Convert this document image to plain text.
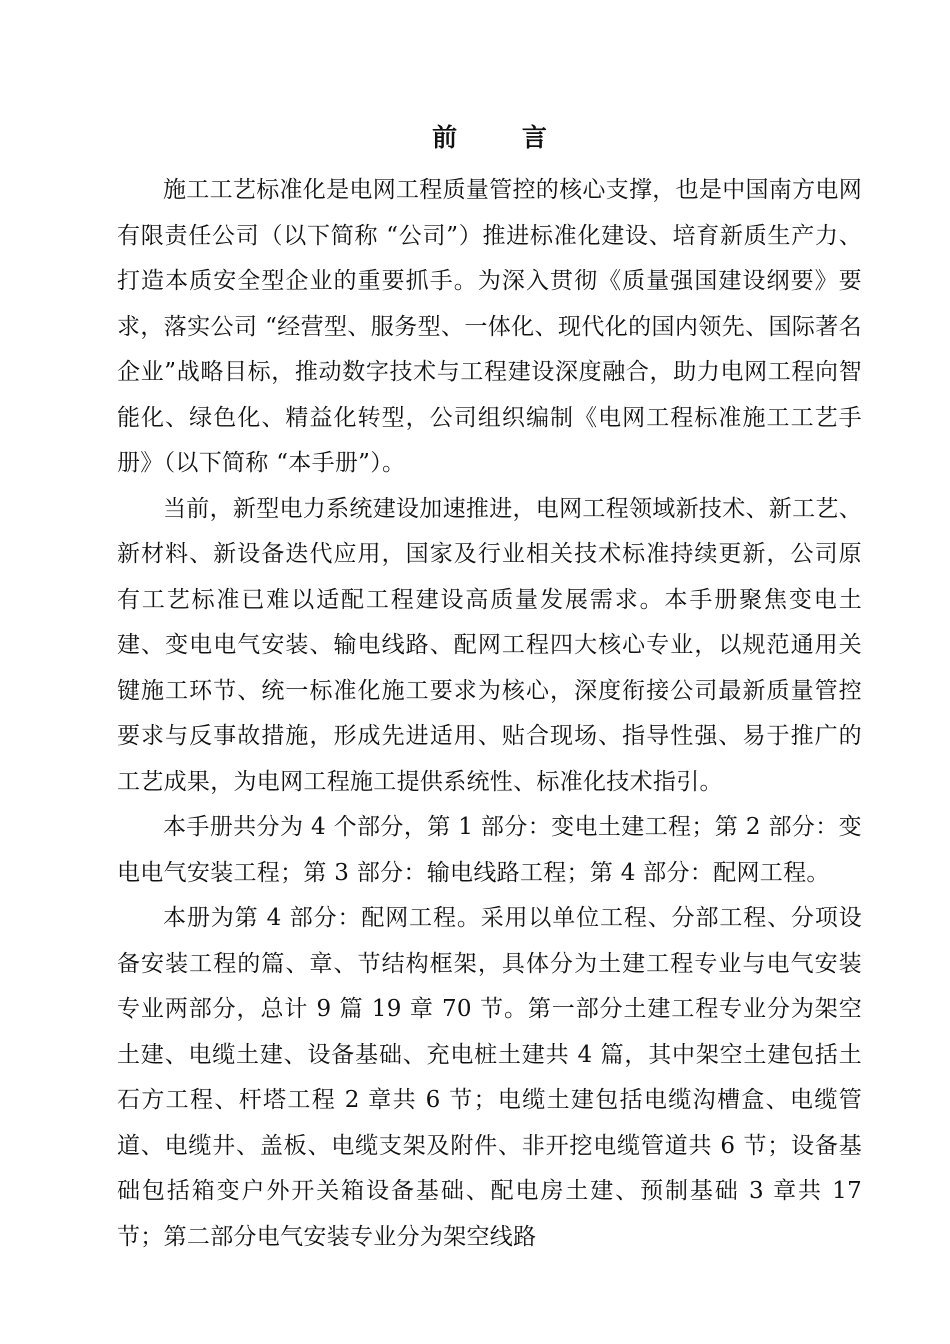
前 言

施工工艺标准化是电网工程质量管控的核心支撑，也是中国南方电网有限责任公司（以下简称 “公司”）推进标准化建设、培育新质生产力、打造本质安全型企业的重要抓手。为深入贯彻《质量强国建设纲要》要求，落实公司 “经营型、服务型、一体化、现代化的国内领先、国际著名企业”战略目标，推动数字技术与工程建设深度融合，助力电网工程向智能化、绿色化、精益化转型，公司组织编制《电网工程标准施工工艺手册》（以下简称 “本手册”）。

当前，新型电力系统建设加速推进，电网工程领域新技术、新工艺、新材料、新设备迭代应用，国家及行业相关技术标准持续更新，公司原有工艺标准已难以适配工程建设高质量发展需求。本手册聚焦变电土建、变电电气安装、输电线路、配网工程四大核心专业，以规范通用关键施工环节、统一标准化施工要求为核心，深度衔接公司最新质量管控要求与反事故措施，形成先进适用、贴合现场、指导性强、易于推广的工艺成果，为电网工程施工提供系统性、标准化技术指引。

本手册共分为 4 个部分，第 1 部分：变电土建工程；第 2 部分：变电电气安装工程；第 3 部分：输电线路工程；第 4 部分：配网工程。

本册为第 4 部分：配网工程。采用以单位工程、分部工程、分项设备安装工程的篇、章、节结构框架，具体分为土建工程专业与电气安装专业两部分，总计 9 篇 19 章 70 节。第一部分土建工程专业分为架空土建、电缆土建、设备基础、充电桩土建共 4 篇，其中架空土建包括土石方工程、杆塔工程 2 章共 6 节；电缆土建包括电缆沟槽盒、电缆管道、电缆井、盖板、电缆支架及附件、非开挖电缆管道共 6 节；设备基础包括箱变户外开关箱设备基础、配电房土建、预制基础 3 章共 17 节；第二部分电气安装专业分为架空线路
